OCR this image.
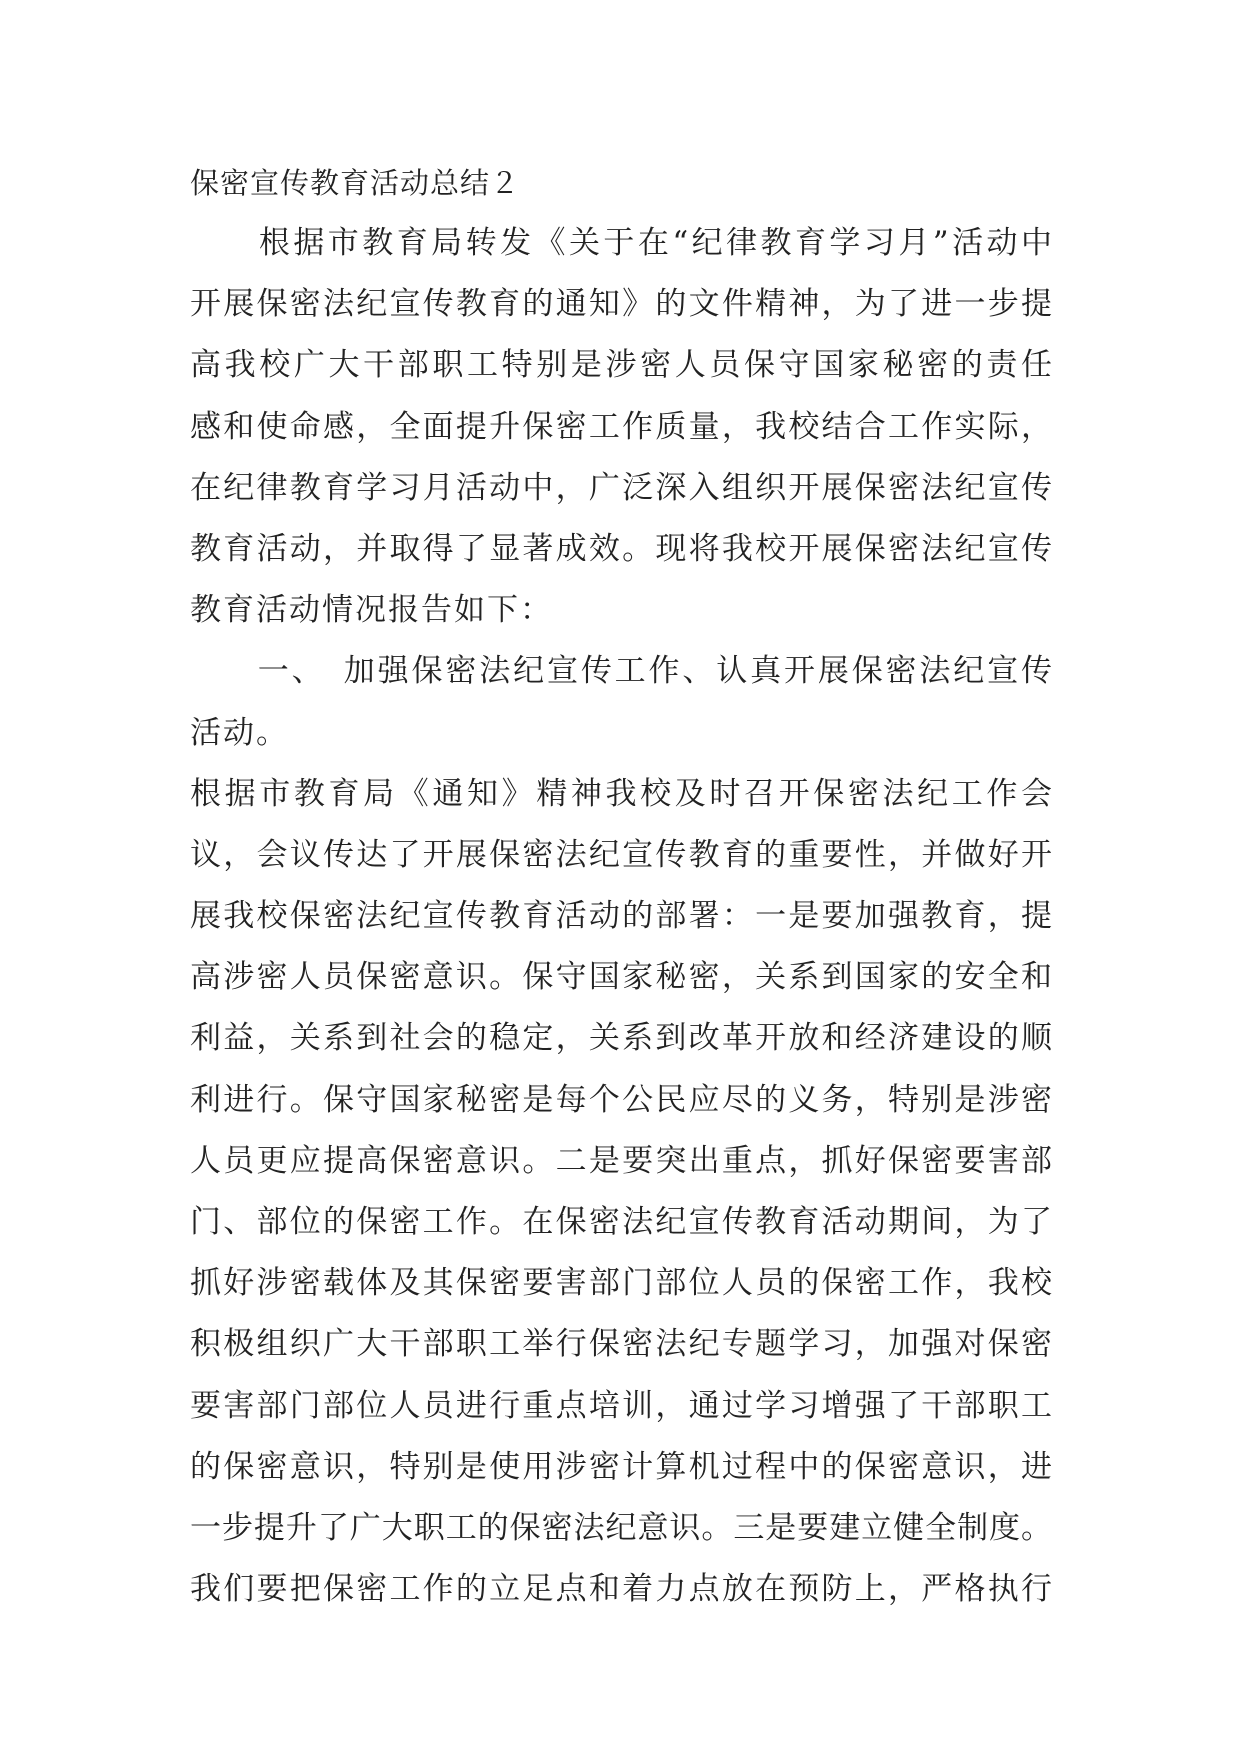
保密宣传教育活动总结２
　　根据市教育局转发《关于在“纪律教育学习月”活动中
开展保密法纪宣传教育的通知》的文件精神，为了进一步提
高我校广大干部职工特别是涉密人员保守国家秘密的责任
感和使命感，全面提升保密工作质量，我校结合工作实际，
在纪律教育学习月活动中，广泛深入组织开展保密法纪宣传
教育活动，并取得了显著成效。现将我校开展保密法纪宣传
教育活动情况报告如下：
　　一、　加强保密法纪宣传工作、认真开展保密法纪宣传
活动。
根据市教育局《通知》精神我校及时召开保密法纪工作会
议，会议传达了开展保密法纪宣传教育的重要性，并做好开
展我校保密法纪宣传教育活动的部署：一是要加强教育，提
高涉密人员保密意识。保守国家秘密，关系到国家的安全和
利益，关系到社会的稳定，关系到改革开放和经济建设的顺
利进行。保守国家秘密是每个公民应尽的义务，特别是涉密
人员更应提高保密意识。二是要突出重点，抓好保密要害部
门、部位的保密工作。在保密法纪宣传教育活动期间，为了
抓好涉密载体及其保密要害部门部位人员的保密工作，我校
积极组织广大干部职工举行保密法纪专题学习，加强对保密
要害部门部位人员进行重点培训，通过学习增强了干部职工
的保密意识，特别是使用涉密计算机过程中的保密意识，进
一步提升了广大职工的保密法纪意识。三是要建立健全制度。
我们要把保密工作的立足点和着力点放在预防上，严格执行
